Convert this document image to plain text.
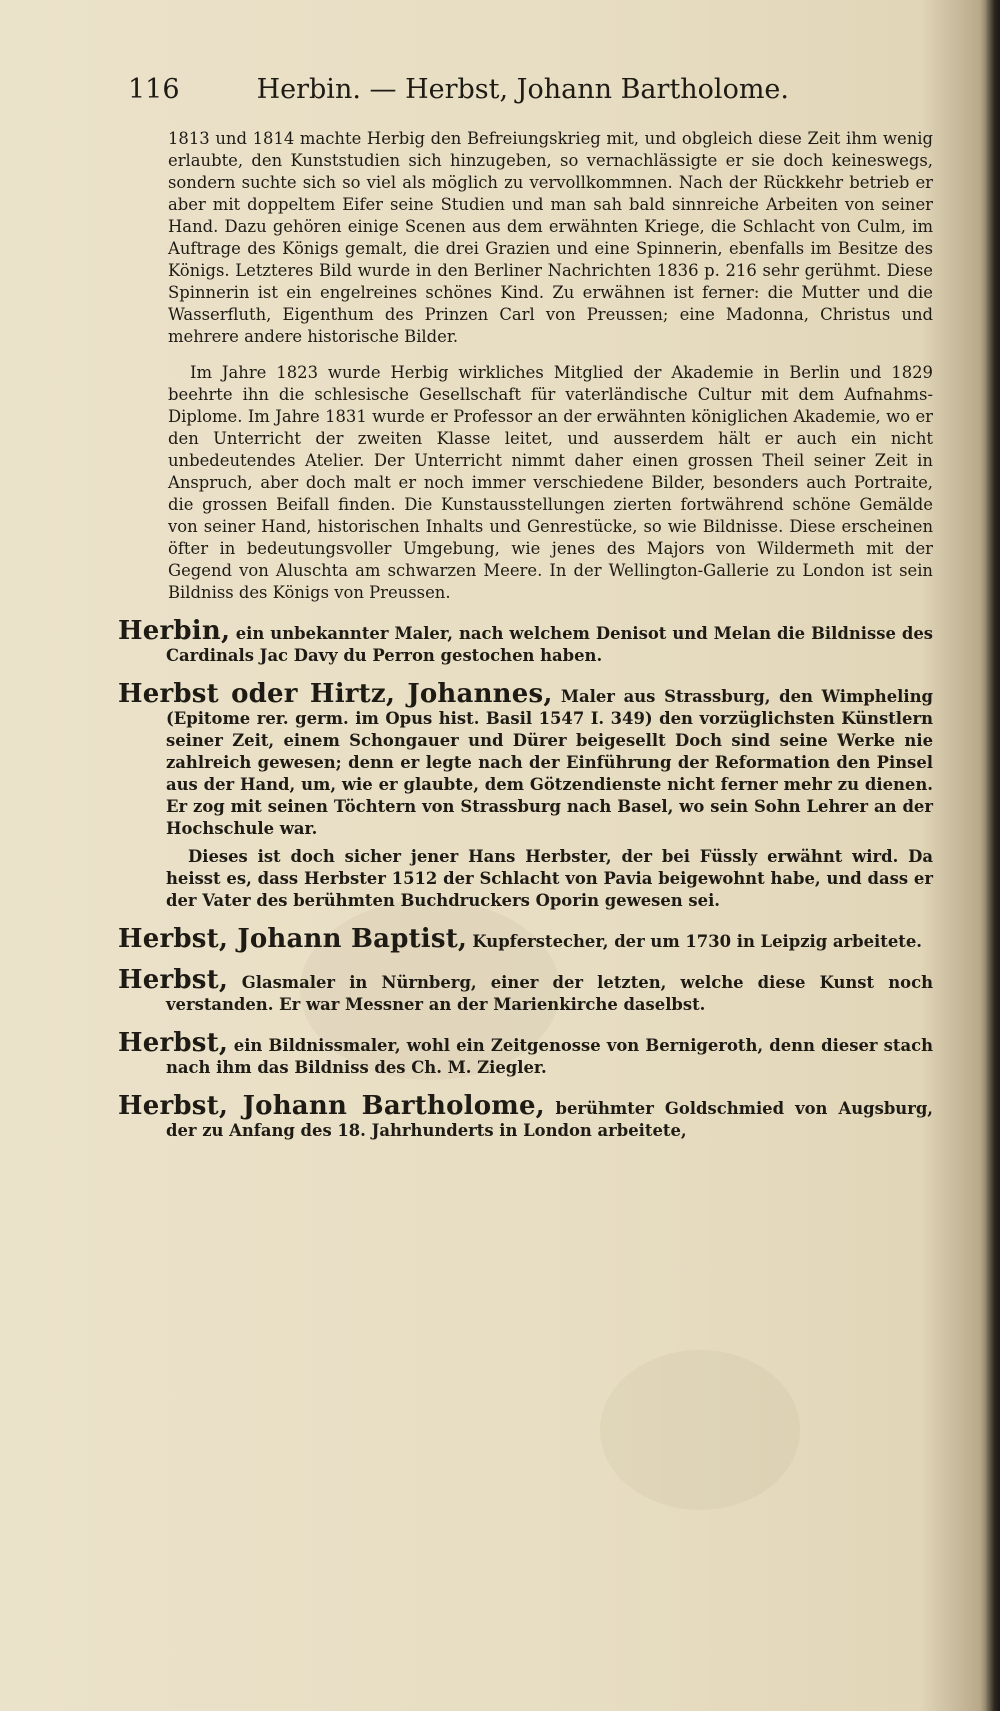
116	Herbin. — Herbst, Johann Bartholome.

1813 und 1814 machte Herbig den Befreiungskrieg mit, und obgleich diese Zeit ihm wenig erlaubte, den Kunststudien sich hinzugeben, so vernachlässigte er sie doch keineswegs, sondern suchte sich so viel als möglich zu vervollkommnen. Nach der Rückkehr betrieb er aber mit doppeltem Eifer seine Studien und man sah bald sinnreiche Arbeiten von seiner Hand. Dazu gehören einige Scenen aus dem erwähnten Kriege, die Schlacht von Culm, im Auftrage des Königs gemalt, die drei Grazien und eine Spinnerin, ebenfalls im Besitze des Königs. Letzteres Bild wurde in den Berliner Nachrichten 1836 p. 216 sehr gerühmt. Diese Spinnerin ist ein engelreines schönes Kind. Zu erwähnen ist ferner: die Mutter und die Wasserfluth, Eigenthum des Prinzen Carl von Preussen; eine Madonna, Christus und mehrere andere historische Bilder.

Im Jahre 1823 wurde Herbig wirkliches Mitglied der Akademie in Berlin und 1829 beehrte ihn die schlesische Gesellschaft für vaterländische Cultur mit dem Aufnahms-Diplome. Im Jahre 1831 wurde er Professor an der erwähnten königlichen Akademie, wo er den Unterricht der zweiten Klasse leitet, und ausserdem hält er auch ein nicht unbedeutendes Atelier. Der Unterricht nimmt daher einen grossen Theil seiner Zeit in Anspruch, aber doch malt er noch immer verschiedene Bilder, besonders auch Portraite, die grossen Beifall finden. Die Kunstausstellungen zierten fortwährend schöne Gemälde von seiner Hand, historischen Inhalts und Genrestücke, so wie Bildnisse. Diese erscheinen öfter in bedeutungsvoller Umgebung, wie jenes des Majors von Wildermeth mit der Gegend von Aluschta am schwarzen Meere. In der Wellington-Gallerie zu London ist sein Bildniss des Königs von Preussen.

Herbin, ein unbekannter Maler, nach welchem Denisot und Melan die Bildnisse des Cardinals Jac Davy du Perron gestochen haben.
Herbst oder Hirtz, Johannes, Maler aus Strassburg, den Wimpheling (Epitome rer. germ. im Opus hist. Basil 1547 I. 349) den vorzüglichsten Künstlern seiner Zeit, einem Schongauer und Dürer beigesellt Doch sind seine Werke nie zahlreich gewesen; denn er legte nach der Einführung der Reformation den Pinsel aus der Hand, um, wie er glaubte, dem Götzendienste nicht ferner mehr zu dienen. Er zog mit seinen Töchtern von Strassburg nach Basel, wo sein Sohn Lehrer an der Hochschule war.

Dieses ist doch sicher jener Hans Herbster, der bei Füssly erwähnt wird. Da heisst es, dass Herbster 1512 der Schlacht von Pavia beigewohnt habe, und dass er der Vater des berühmten Buchdruckers Oporin gewesen sei.

Herbst, Johann Baptist, Kupferstecher, der um 1730 in Leipzig arbeitete.
Herbst, Glasmaler in Nürnberg, einer der letzten, welche diese Kunst noch verstanden. Er war Messner an der Marienkirche daselbst.
Herbst, ein Bildnissmaler, wohl ein Zeitgenosse von Bernigeroth, denn dieser stach nach ihm das Bildniss des Ch. M. Ziegler.
Herbst, Johann Bartholome, berühmter Goldschmied von Augsburg, der zu Anfang des 18. Jahrhunderts in London arbeitete,
